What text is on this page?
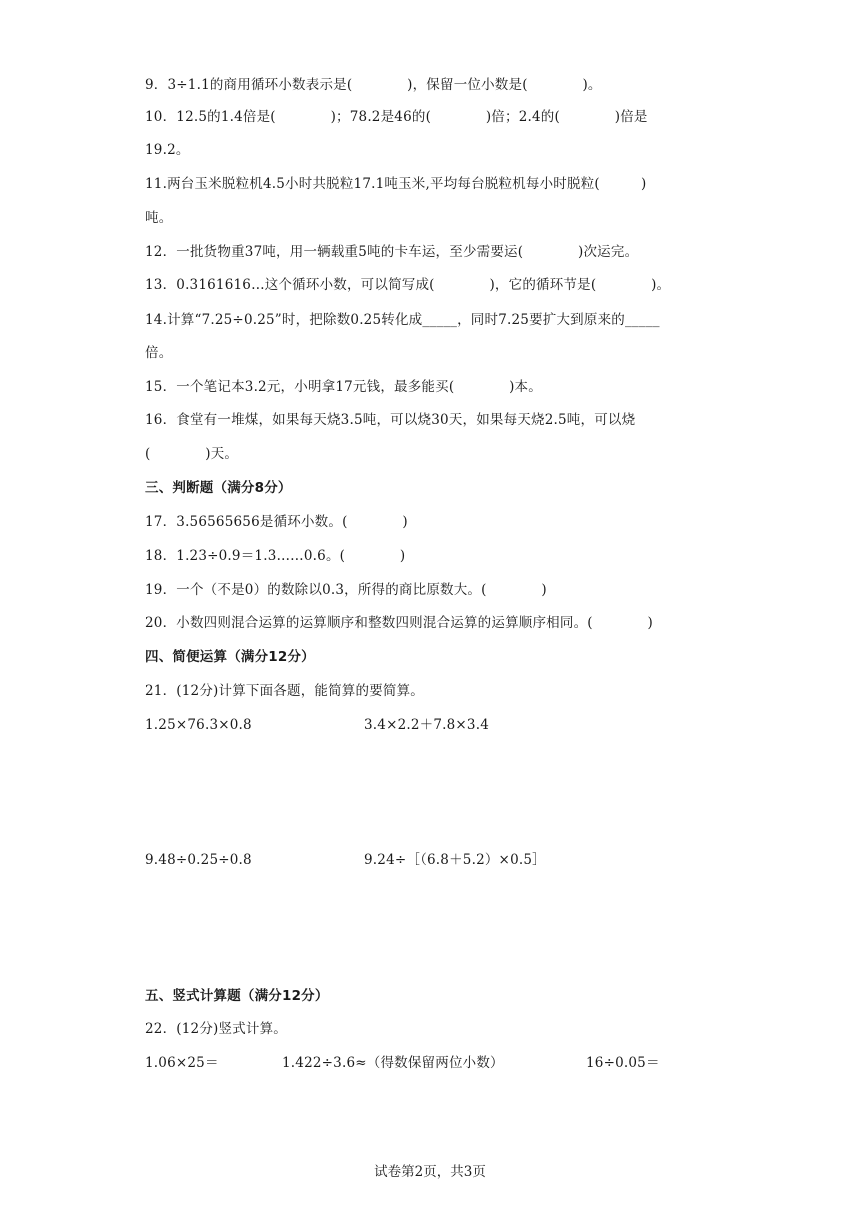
9．3÷1.1的商用循环小数表示是(　　　　)，保留一位小数是(　　　　)。
10．12.5的1.4倍是(　　　　)；78.2是46的(　　　　)倍；2.4的(　　　　)倍是
19.2。
11.两台玉米脱粒机4.5小时共脱粒17.1吨玉米,平均每台脱粒机每小时脱粒(　　　)
吨。
12．一批货物重37吨，用一辆载重5吨的卡车运，至少需要运(　　　　)次运完。
13．0.3161616…这个循环小数，可以简写成(　　　　)，它的循环节是(　　　　)。
14.计算“7.25÷0.25”时，把除数0.25转化成_____，同时7.25要扩大到原来的_____
倍。
15．一个笔记本3.2元，小明拿17元钱，最多能买(　　　　)本。
16．食堂有一堆煤，如果每天烧3.5吨，可以烧30天，如果每天烧2.5吨，可以烧
(　　　　)天。
三、判断题（满分8分）
17．3.56565656是循环小数。(　　　　)
18．1.23÷0.9＝1.3……0.6。(　　　　)
19．一个（不是0）的数除以0.3，所得的商比原数大。(　　　　)
20．小数四则混合运算的运算顺序和整数四则混合运算的运算顺序相同。(　　　　)
四、简便运算（满分12分）
21．(12分)计算下面各题，能简算的要简算。
1.25×76.3×0.8	3.4×2.2＋7.8×3.4
9.48÷0.25÷0.8	9.24÷［（6.8＋5.2）×0.5］
五、竖式计算题（满分12分）
22．(12分)竖式计算。
1.06×25＝	1.422÷3.6≈（得数保留两位小数）	16÷0.05＝
试卷第2页，共3页
